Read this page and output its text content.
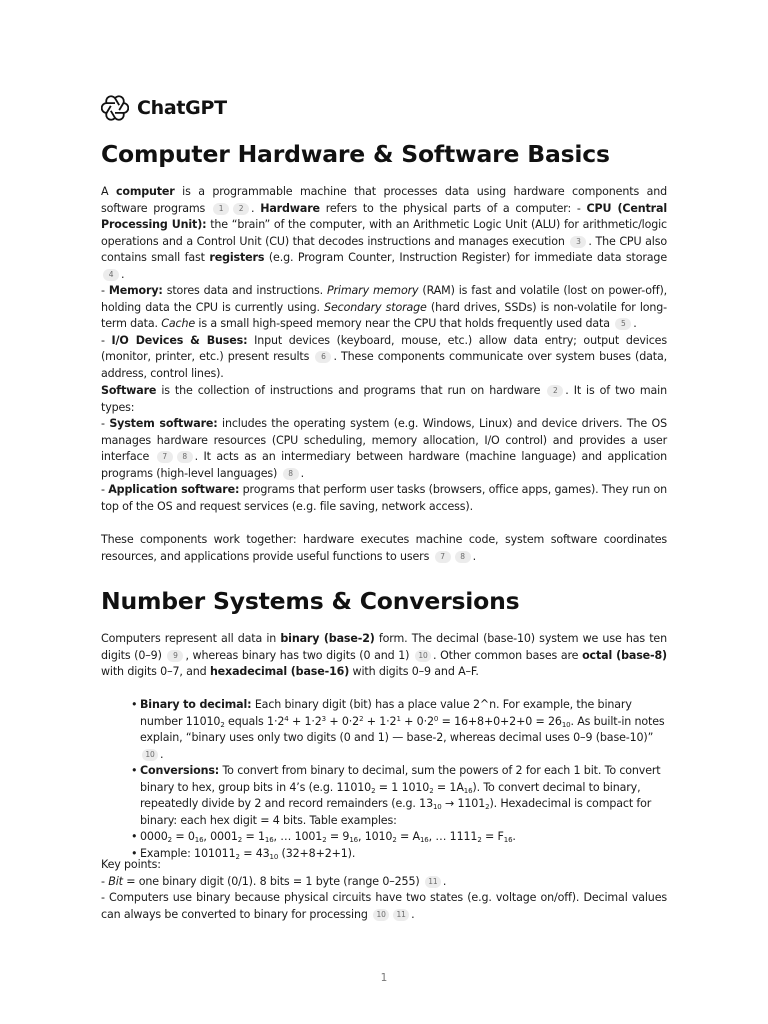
ChatGPT
Computer Hardware & Software Basics
A computer is a programmable machine that processes data using hardware components and software programs 1 2 . Hardware refers to the physical parts of a computer: - CPU (Central Processing Unit): the “brain” of the computer, with an Arithmetic Logic Unit (ALU) for arithmetic/logic operations and a Control Unit (CU) that decodes instructions and manages execution 3 . The CPU also contains small fast registers (e.g. Program Counter, Instruction Register) for immediate data storage 4 .
- Memory: stores data and instructions. Primary memory (RAM) is fast and volatile (lost on power-off), holding data the CPU is currently using. Secondary storage (hard drives, SSDs) is non-volatile for long-term data. Cache is a small high-speed memory near the CPU that holds frequently used data 5 .
- I/O Devices & Buses: Input devices (keyboard, mouse, etc.) allow data entry; output devices (monitor, printer, etc.) present results 6 . These components communicate over system buses (data, address, control lines).
Software is the collection of instructions and programs that run on hardware 2 . It is of two main types:
- System software: includes the operating system (e.g. Windows, Linux) and device drivers. The OS manages hardware resources (CPU scheduling, memory allocation, I/O control) and provides a user interface 7 8 . It acts as an intermediary between hardware (machine language) and application programs (high-level languages) 8 .
- Application software: programs that perform user tasks (browsers, office apps, games). They run on top of the OS and request services (e.g. file saving, network access).
These components work together: hardware executes machine code, system software coordinates resources, and applications provide useful functions to users 7 8 .
Number Systems & Conversions
Computers represent all data in binary (base-2) form. The decimal (base-10) system we use has ten digits (0–9) 9 , whereas binary has two digits (0 and 1) 10 . Other common bases are octal (base-8) with digits 0–7, and hexadecimal (base-16) with digits 0–9 and A–F.
• Binary to decimal: Each binary digit (bit) has a place value 2^n. For example, the binary number $11010_2$ equals $1\cdot 2^4 + 1\cdot 2^3 + 0\cdot 2^2 + 1\cdot 2^1 + 0\cdot 2^0 = 16+8+0+2+0 = 26_{10}$. As built-in notes explain, “binary uses only two digits (0 and 1) — base-2, whereas decimal uses 0–9 (base-10)” 10 .
• Conversions: To convert from binary to decimal, sum the powers of 2 for each 1 bit. To convert binary to hex, group bits in 4’s (e.g. $11010_2 = 1$ $1010_2 = 1A_{16}$). To convert decimal to binary, repeatedly divide by 2 and record remainders (e.g. $13_{10} \to 1101_2$). Hexadecimal is compact for binary: each hex digit = 4 bits. Table examples:
• $0000_2 = 0_{16}$, $0001_2 = 1_{16}$, … $1001_2 = 9_{16}$, $1010_2 = A_{16}$, … $1111_2 = F_{16}$.
• Example: $101011_2 = 43_{10}$ (32+8+2+1).
Key points:
- Bit = one binary digit (0/1). 8 bits = 1 byte (range 0–255) 11 .
- Computers use binary because physical circuits have two states (e.g. voltage on/off). Decimal values can always be converted to binary for processing 10 11 .
1
